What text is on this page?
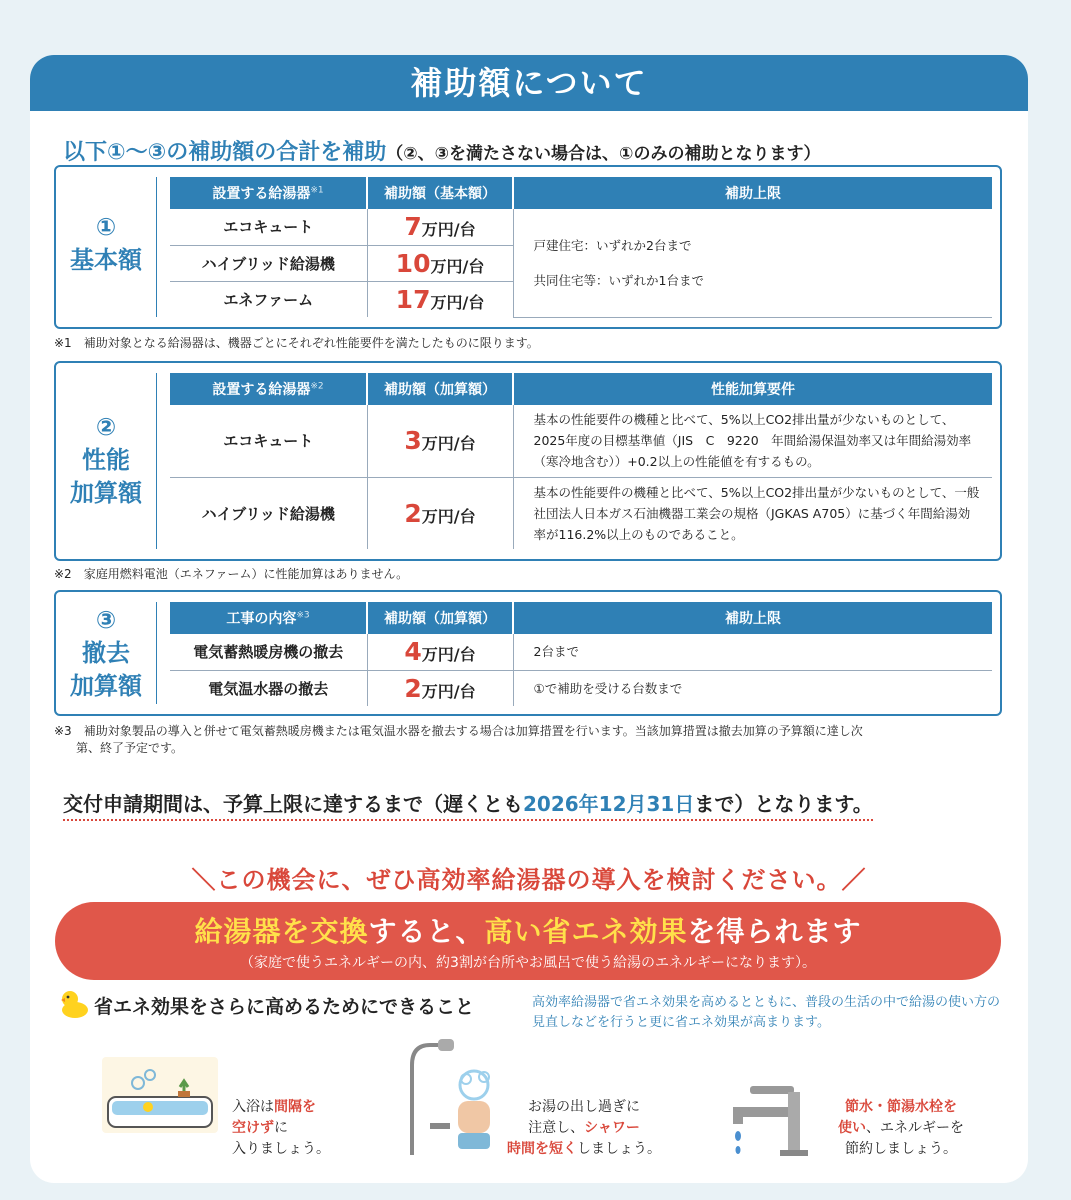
補助額について
以下①～③の補助額の合計を補助（②、③を満たさない場合は、①のみの補助となります）
①
基本額
設置する給湯器$^{※1}$	補助額（基本額）	補助上限
エコキュート	7万円/台	戸建住宅：いずれか2台まで
共同住宅等：いずれか1台まで

ハイブリッド給湯機	10万円/台	
エネファーム	17万円/台	
※1　補助対象となる給湯器は、機器ごとにそれぞれ性能要件を満たしたものに限ります。
②
性能
加算額
設置する給湯器$^{※2}$	補助額（加算額）	性能加算要件
エコキュート	3万円/台	基本の性能要件の機種と比べて、5%以上CO2排出量が少ないものとして、2025年度の目標基準値（JIS　C　9220　年間給湯保温効率又は年間給湯効率（寒冷地含む））+0.2以上の性能値を有するもの。
ハイブリッド給湯機	2万円/台	基本の性能要件の機種と比べて、5%以上CO2排出量が少ないものとして、一般社団法人日本ガス石油機器工業会の規格（JGKAS A705）に基づく年間給湯効率が116.2%以上のものであること。
※2　家庭用燃料電池（エネファーム）に性能加算はありません。
③
撤去
加算額
工事の内容$^{※3}$	補助額（加算額）	補助上限
電気蓄熱暖房機の撤去	4万円/台	2台まで
電気温水器の撤去	2万円/台	①で補助を受ける台数まで
※3　補助対象製品の導入と併せて電気蓄熱暖房機または電気温水器を撤去する場合は加算措置を行います。当該加算措置は撤去加算の予算額に達し次
第、終了予定です。
交付申請期間は、予算上限に達するまで（遅くとも2026年12月31日まで）となります。
＼この機会に、ぜひ高効率給湯器の導入を検討ください。／
給湯器を交換すると、高い省エネ効果を得られます
（家庭で使うエネルギーの内、約3割が台所やお風呂で使う給湯のエネルギーになります）。
省エネ効果をさらに高めるためにできること	高効率給湯器で省エネ効果を高めるとともに、普段の生活の中で給湯の使い方の見直しなどを行うと更に省エネ効果が高まります。
入浴は間隔を
空けずに
入りましょう。
お湯の出し過ぎに
注意し、シャワー
時間を短くしましょう。
節水・節湯水栓を
使い、エネルギーを
節約しましょう。
